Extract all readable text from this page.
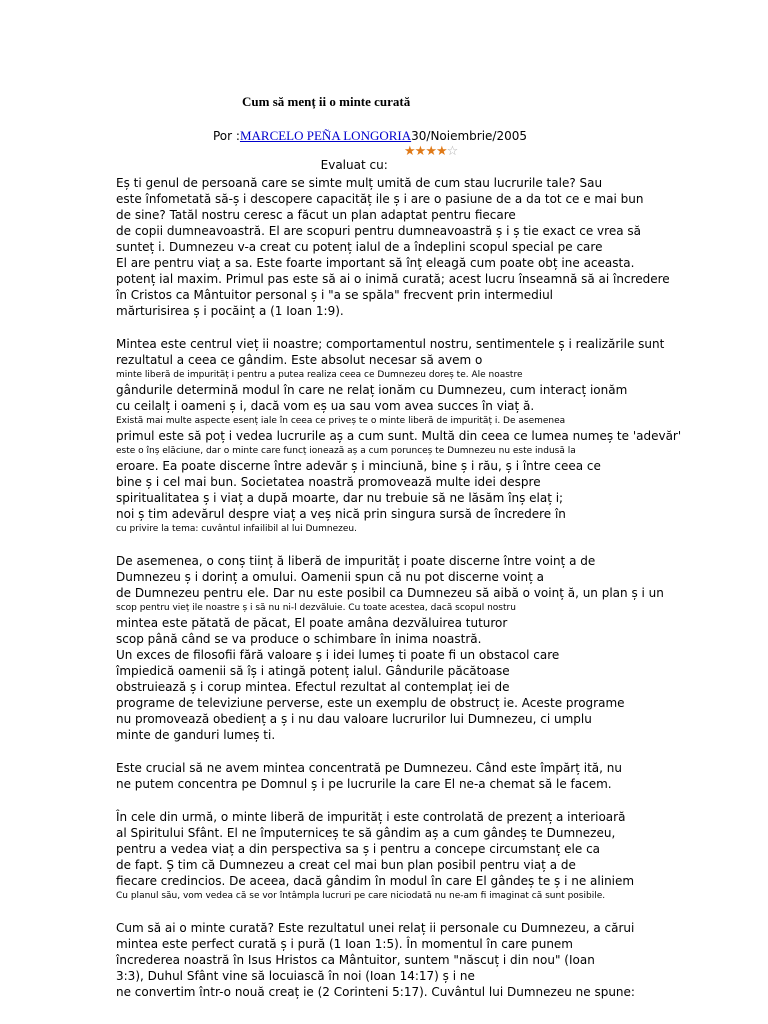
Cum să menț ii o minte curată
Por :MARCELO PEÑA LONGORIA30/Noiembrie/2005

Evaluat cu:

★★★★☆

Eș ti genul de persoană care se simte mulț umită de cum stau lucrurile tale? Sau
este înfometată să-ș i descopere capacităț ile ș i are o pasiune de a da tot ce e mai bun
de sine? Tatăl nostru ceresc a făcut un plan adaptat pentru fiecare
de copii dumneavoastră. El are scopuri pentru dumneavoastră ș i ș tie exact ce vrea să
sunteț i. Dumnezeu v-a creat cu potenț ialul de a îndeplini scopul special pe care
El are pentru viaț a sa. Este foarte important să înț eleagă cum poate obț ine aceasta.
potenț ial maxim. Primul pas este să ai o inimă curată; acest lucru înseamnă să ai încredere
în Cristos ca Mântuitor personal ș i "a se spăla" frecvent prin intermediul
mărturisirea ș i pocăinț a (1 Ioan 1:9).
Mintea este centrul vieț ii noastre; comportamentul nostru, sentimentele ș i realizările sunt
rezultatul a ceea ce gândim. Este absolut necesar să avem o
minte liberă de impurităț i pentru a putea realiza ceea ce Dumnezeu doreș te. Ale noastre
gândurile determină modul în care ne relaț ionăm cu Dumnezeu, cum interacț ionăm
cu ceilalț i oameni ș i, dacă vom eș ua sau vom avea succes în viaț ă.
Există mai multe aspecte esenț iale în ceea ce priveș te o minte liberă de impurităț i. De asemenea
primul este să poț i vedea lucrurile aș a cum sunt. Multă din ceea ce lumea numeș te 'adevăr'
este o înș elăciune, dar o minte care funcț ionează aș a cum porunceș te Dumnezeu nu este indusă la
eroare. Ea poate discerne între adevăr ș i minciună, bine ș i rău, ș i între ceea ce
bine ș i cel mai bun. Societatea noastră promovează multe idei despre
spiritualitatea ș i viaț a după moarte, dar nu trebuie să ne lăsăm înș elaț i;
noi ș tim adevărul despre viaț a veș nică prin singura sursă de încredere în
cu privire la tema: cuvântul infailibil al lui Dumnezeu.
De asemenea, o conș tiinț ă liberă de impurităț i poate discerne între voinț a de
Dumnezeu ș i dorinț a omului. Oamenii spun că nu pot discerne voinț a
de Dumnezeu pentru ele. Dar nu este posibil ca Dumnezeu să aibă o voinț ă, un plan ș i un
scop pentru vieț ile noastre ș i să nu ni-l dezvăluie. Cu toate acestea, dacă scopul nostru
mintea este pătată de păcat, El poate amâna dezvăluirea tuturor
scop până când se va produce o schimbare în inima noastră.
Un exces de filosofii fără valoare ș i idei lumeș ti poate fi un obstacol care
împiedică oamenii să îș i atingă potenț ialul. Gândurile păcătoase
obstruiează ș i corup mintea. Efectul rezultat al contemplaț iei de
programe de televiziune perverse, este un exemplu de obstrucț ie. Aceste programe
nu promovează obedienț a ș i nu dau valoare lucrurilor lui Dumnezeu, ci umplu
minte de ganduri lumeș ti.
Este crucial să ne avem mintea concentrată pe Dumnezeu. Când este împărț ită, nu
ne putem concentra pe Domnul ș i pe lucrurile la care El ne-a chemat să le facem.
În cele din urmă, o minte liberă de impurităț i este controlată de prezenț a interioară
al Spiritului Sfânt. El ne împuterniceș te să gândim aș a cum gândeș te Dumnezeu,
pentru a vedea viaț a din perspectiva sa ș i pentru a concepe circumstanț ele ca
de fapt. Ș tim că Dumnezeu a creat cel mai bun plan posibil pentru viaț a de
fiecare credincios. De aceea, dacă gândim în modul în care El gândeș te ș i ne aliniem
Cu planul său, vom vedea că se vor întâmpla lucruri pe care niciodată nu ne-am fi imaginat că sunt posibile.
Cum să ai o minte curată? Este rezultatul unei relaț ii personale cu Dumnezeu, a cărui
mintea este perfect curată ș i pură (1 Ioan 1:5). În momentul în care punem
încrederea noastră în Isus Hristos ca Mântuitor, suntem "născuț i din nou" (Ioan
3:3), Duhul Sfânt vine să locuiască în noi (Ioan 14:17) ș i ne
ne convertim într-o nouă creaț ie (2 Corinteni 5:17). Cuvântul lui Dumnezeu ne spune:
